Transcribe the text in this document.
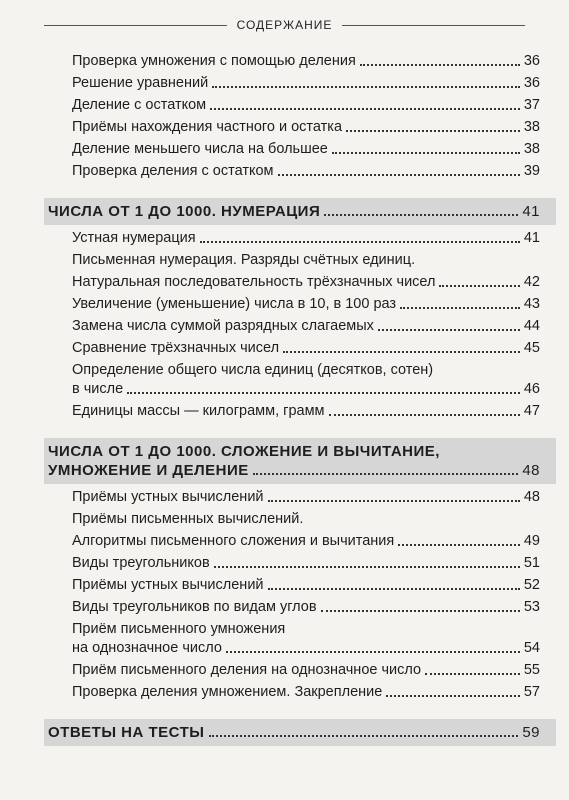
СОДЕРЖАНИЕ
Проверка умножения с помощью деления	36
Решение уравнений	36
Деление с остатком	37
Приёмы нахождения частного и остатка	38
Деление меньшего числа на большее	38
Проверка деления с остатком	39
ЧИСЛА ОТ 1 ДО 1000. НУМЕРАЦИЯ	41
Устная нумерация	41
Письменная нумерация. Разряды счётных единиц.
Натуральная последовательность трёхзначных чисел	42
Увеличение (уменьшение) числа в 10, в 100 раз	43
Замена числа суммой разрядных слагаемых	44
Сравнение трёхзначных чисел	45
Определение общего числа единиц (десятков, сотен)
в числе	46
Единицы массы — килограмм, грамм	47
ЧИСЛА ОТ 1 ДО 1000. СЛОЖЕНИЕ И ВЫЧИТАНИЕ,
УМНОЖЕНИЕ И ДЕЛЕНИЕ	48
Приёмы устных вычислений	48
Приёмы письменных вычислений.
Алгоритмы письменного сложения и вычитания	49
Виды треугольников	51
Приёмы устных вычислений	52
Виды треугольников по видам углов	53
Приём письменного умножения
на однозначное число	54
Приём письменного деления на однозначное число	55
Проверка деления умножением. Закрепление	57
ОТВЕТЫ НА ТЕСТЫ	59
